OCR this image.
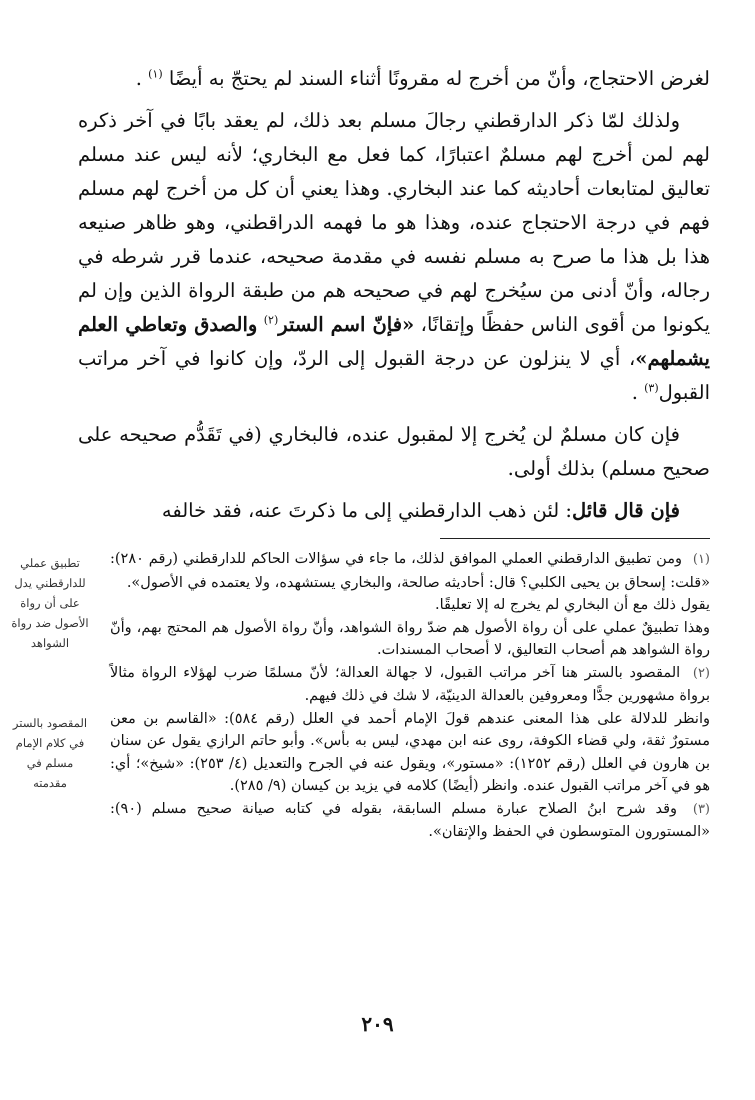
لغرض الاحتجاج، وأنّ من أخرج له مقرونًا أثناء السند لم يحتجّ به أيضًا $^{(١)}$ .

ولذلك لمّا ذكر الدارقطني رجالَ مسلم بعد ذلك، لم يعقد بابًا في آخر ذكره لهم لمن أخرج لهم مسلمٌ اعتبارًا، كما فعل مع البخاري؛ لأنه ليس عند مسلم تعاليق لمتابعات أحاديثه كما عند البخاري. وهذا يعني أن كل من أخرج لهم مسلم فهم في درجة الاحتجاج عنده، وهذا هو ما فهمه الدراقطني، وهو ظاهر صنيعه هذا بل هذا ما صرح به مسلم نفسه في مقدمة صحيحه، عندما قرر شرطه في رجاله، وأنّ أدنى من سيُخرج لهم في صحيحه هم من طبقة الرواة الذين وإن لم يكونوا من أقوى الناس حفظًا وإتقانًا، «فإنّ اسم الستر$^{(٢)}$ والصدق وتعاطي العلم يشملهم»، أي لا ينزلون عن درجة القبول إلى الردّ، وإن كانوا في آخر مراتب القبول$^{(٣)}$ .

فإن كان مسلمٌ لن يُخرج إلا لمقبول عنده، فالبخاري (في تَقَدُّم صحيحه على صحيح مسلم) بذلك أولى.

فإن قال قائل: لئن ذهب الدارقطني إلى ما ذكرتَ عنه، فقد خالفه

(١) ومن تطبيق الدارقطني العملي الموافق لذلك، ما جاء في سؤالات الحاكم للدارقطني (رقم ٢٨٠): «قلت: إسحاق بن يحيى الكلبي؟ قال: أحاديثه صالحة، والبخاري يستشهده، ولا يعتمده في الأصول».

يقول ذلك مع أن البخاري لم يخرج له إلا تعليقًا.

وهذا تطبيقٌ عملي على أن رواة الأصول هم ضدّ رواة الشواهد، وأنّ رواة الأصول هم المحتج بهم، وأنّ رواة الشواهد هم أصحاب التعاليق، لا أصحاب المسندات.

(٢) المقصود بالستر هنا آخر مراتب القبول، لا جهالة العدالة؛ لأنّ مسلمًا ضرب لهؤلاء الرواة مثالاً برواة مشهورين جدًّا ومعروفين بالعدالة الدينيّة، لا شك في ذلك فيهم.

وانظر للدلالة على هذا المعنى عندهم قولَ الإمام أحمد في العلل (رقم ٥٨٤): «القاسم بن معن مستورٌ ثقة، ولي قضاء الكوفة، روى عنه ابن مهدي، ليس به بأس». وأبو حاتم الرازي يقول عن سنان بن هارون في العلل (رقم ١٢٥٢): «مستور»، ويقول عنه في الجرح والتعديل (٤/ ٢٥٣): «شيخ»؛ أي: هو في آخر مراتب القبول عنده. وانظر (أيضًا) كلامه في يزيد بن كيسان (٩/ ٢٨٥).

(٣) وقد شرح ابنُ الصلاح عبارة مسلم السابقة، بقوله في كتابه صيانة صحيح مسلم (٩٠): «المستورون المتوسطون في الحفظ والإتقان».

تطبيق عملي للدارقطني يدل على أن رواة الأصول ضد رواة الشواهد
المقصود بالستر في كلام الإمام مسلم في مقدمته
٢٠٩
